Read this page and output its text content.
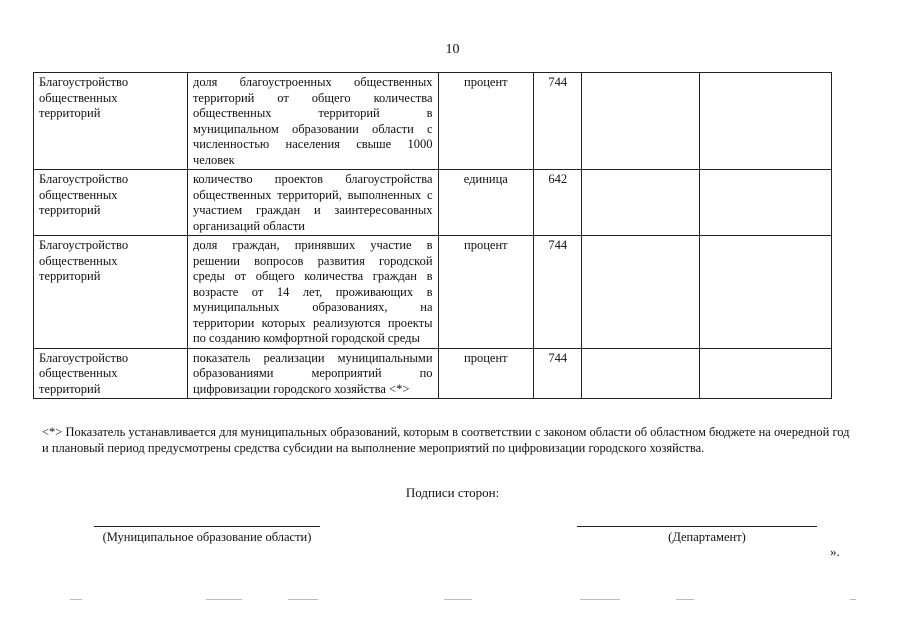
10
Благоустройство общественных территорий	доля благоустроенных общественных территорий от общего количества общественных территорий в муниципальном образовании области с численностью населения свыше 1000 человек	процент	744		
Благоустройство общественных территорий	количество проектов благоустройства общественных территорий, выполненных с участием граждан и заинтересованных организаций области	единица	642		
Благоустройство общественных территорий	доля граждан, принявших участие в решении вопросов развития городской среды от общего количества граждан в возрасте от 14 лет, проживающих в муниципальных образованиях, на территории которых реализуются проекты по созданию комфортной городской среды	процент	744		
Благоустройство общественных территорий	показатель реализации муниципальными образованиями мероприятий по цифровизации городского хозяйства <*>	процент	744		
<*> Показатель устанавливается для муниципальных образований, которым в соответствии с законом области об областном бюджете на очередной год и плановый период предусмотрены средства субсидии на выполнение мероприятий по цифровизации городского хозяйства.
Подписи сторон:
(Муниципальное образование области)	(Департамент)
».
